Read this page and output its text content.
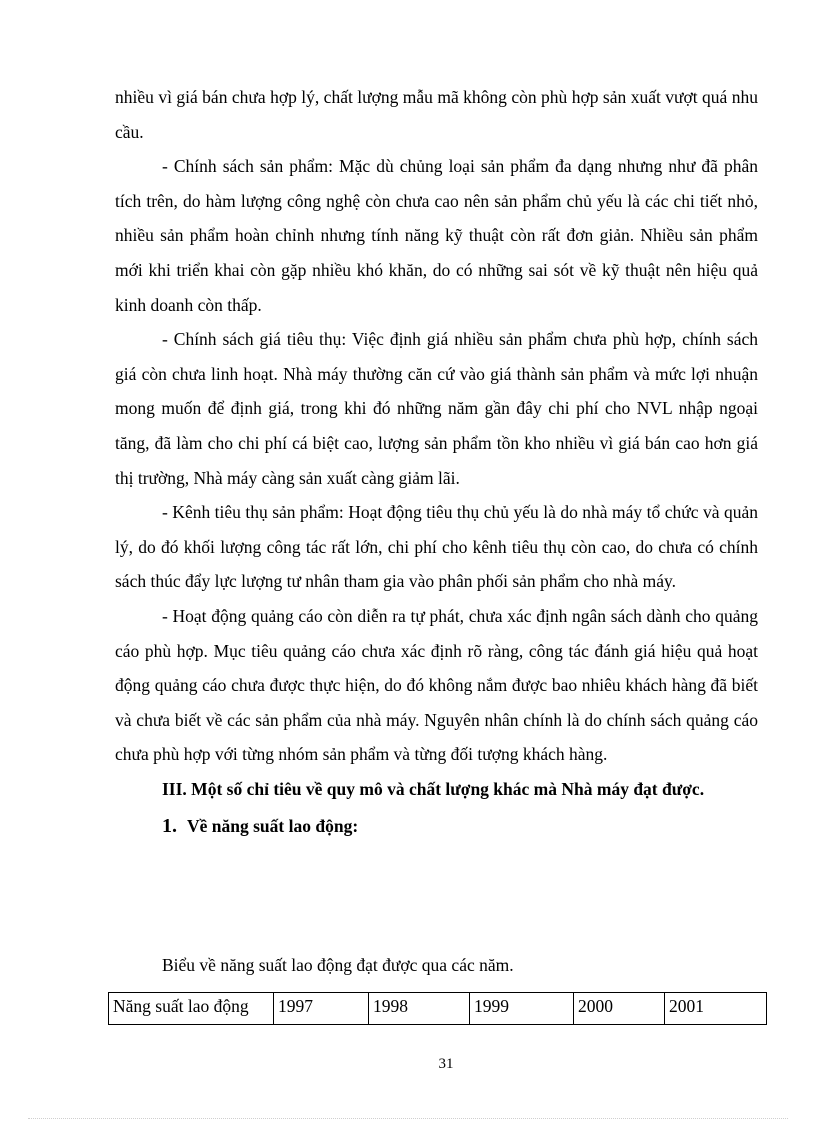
nhiều vì giá bán chưa hợp lý, chất lượng mẫu mã không còn phù hợp sản xuất vượt quá nhu cầu.

- Chính sách sản phẩm: Mặc dù chủng loại sản phẩm đa dạng nhưng như đã phân tích trên, do hàm lượng công nghệ còn chưa cao nên sản phẩm chủ yếu là các chi tiết nhỏ, nhiều sản phẩm hoàn chỉnh nhưng tính năng kỹ thuật còn rất đơn giản. Nhiều sản phẩm mới khi triển khai còn gặp nhiều khó khăn, do có những sai sót về kỹ thuật nên hiệu quả kinh doanh còn thấp.

- Chính sách giá tiêu thụ: Việc định giá nhiều sản phẩm chưa phù hợp, chính sách giá còn chưa linh hoạt. Nhà máy thường căn cứ vào giá thành sản phẩm và mức lợi nhuận mong muốn để định giá, trong khi đó những năm gần đây chi phí cho NVL nhập ngoại tăng, đã làm cho chi phí cá biệt cao, lượng sản phẩm tồn kho nhiều vì giá bán cao hơn giá thị trường, Nhà máy càng sản xuất càng giảm lãi.

- Kênh tiêu thụ sản phẩm: Hoạt động tiêu thụ chủ yếu là do nhà máy tổ chức và quản lý, do đó khối lượng công tác rất lớn, chi phí cho kênh tiêu thụ còn cao, do chưa có chính sách thúc đẩy lực lượng tư nhân tham gia vào phân phối sản phẩm cho nhà máy.

- Hoạt động quảng cáo còn diễn ra tự phát, chưa xác định ngân sách dành cho quảng cáo phù hợp. Mục tiêu quảng cáo chưa xác định rõ ràng, công tác đánh giá hiệu quả hoạt động quảng cáo chưa được thực hiện, do đó không nắm được bao nhiêu khách hàng đã biết và chưa biết về các sản phẩm của nhà máy. Nguyên nhân chính là do chính sách quảng cáo chưa phù hợp với từng nhóm sản phẩm và từng đối tượng khách hàng.

III. Một số chỉ tiêu về quy mô và chất lượng khác mà Nhà máy đạt được.

1. Về năng suất lao động:

Biểu về năng suất lao động đạt được qua các năm.
Năng suất lao động	1997	1998	1999	2000	2001
31
